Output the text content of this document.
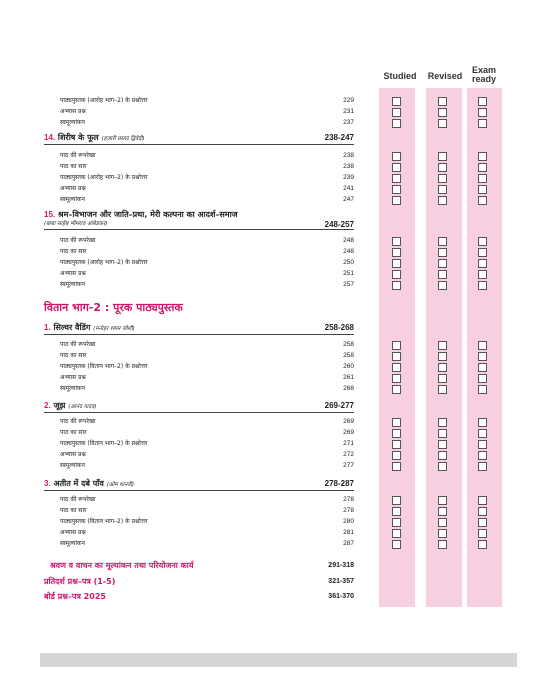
Studied	Revised
Exam ready
पाठ्यपुस्तक (आरोह भाग–2) के प्रश्नोत्तर	229
अभ्यास प्रश्न	231
स्वमूल्यांकन	237
14. शिरीष के फूल (हज़ारी प्रसाद द्विवेदी)	238-247
पाठ की रूपरेखा	238
पाठ का सार	238
पाठ्यपुस्तक (आरोह भाग–2) के प्रश्नोत्तर	239
अभ्यास प्रश्न	241
स्वमूल्यांकन	247
15. श्रम–विभाजन और जाति–प्रथा, मेरी कल्पना का आदर्श–समाज
(बाबा साहेब भीमराव आंबेडकर)	248-257
पाठ की रूपरेखा	248
पाठ का सार	248
पाठ्यपुस्तक (आरोह भाग–2) के प्रश्नोत्तर	250
अभ्यास प्रश्न	251
स्वमूल्यांकन	257
वितान भाग-2 : पूरक पाठ्यपुस्तक
1. सिल्वर वैडिंग (मनोहर श्याम जोशी)	258-268
पाठ की रूपरेखा	258
पाठ का सार	258
पाठ्यपुस्तक (वितान भाग–2) के प्रश्नोत्तर	260
अभ्यास प्रश्न	261
स्वमूल्यांकन	268
2. जूझ (आनंद यादव)	269-277
पाठ की रूपरेखा	269
पाठ का सार	269
पाठ्यपुस्तक (वितान भाग–2) के प्रश्नोत्तर	271
अभ्यास प्रश्न	272
स्वमूल्यांकन	277
3. अतीत में दबे पाँव (ओम थानवी)	278-287
पाठ की रूपरेखा	278
पाठ का सार	278
पाठ्यपुस्तक (वितान भाग–2) के प्रश्नोत्तर	280
अभ्यास प्रश्न	281
स्वमूल्यांकन	287
श्रवण व वाचन का मूल्यांकन तथा परियोजना कार्य	291-318
प्रतिदर्श प्रश्न–पत्र (1-5)	321-357
बोर्ड प्रश्न–पत्र 2025	361-370
